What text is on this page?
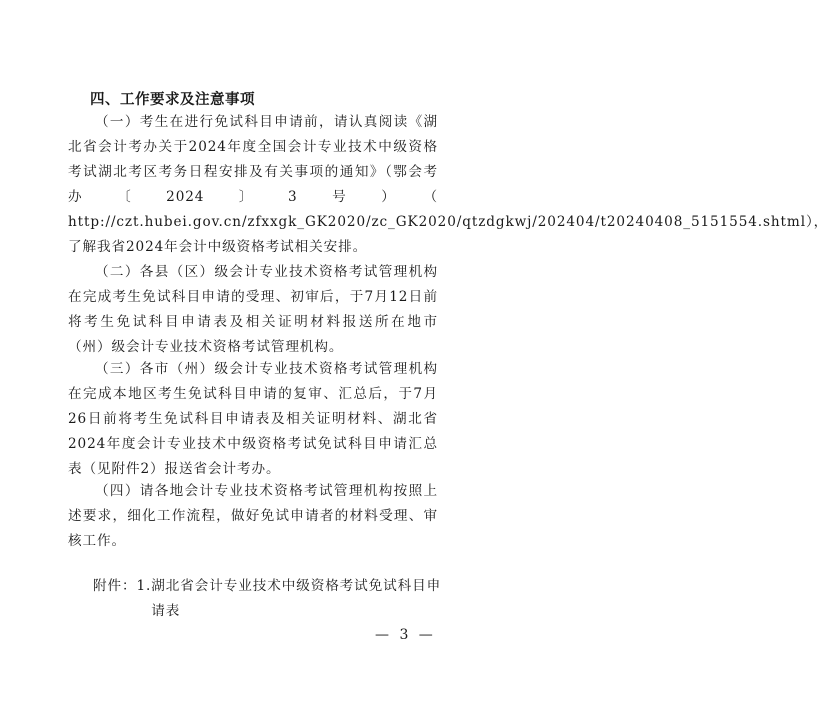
四、工作要求及注意事项

（一）考生在进行免试科目申请前，请认真阅读《湖北省会计考办关于2024年度全国会计专业技术中级资格考试湖北考区考务日程安排及有关事项的通知》（鄂会考办〔2024〕3号）（ http://czt.hubei.gov.cn/zfxxgk_GK2020/zc_GK2020/qtzdgkwj/202404/t20240408_5151554.shtml），了解我省2024年会计中级资格考试相关安排。

（二）各县（区）级会计专业技术资格考试管理机构在完成考生免试科目申请的受理、初审后，于7月12日前将考生免试科目申请表及相关证明材料报送所在地市（州）级会计专业技术资格考试管理机构。

（三）各市（州）级会计专业技术资格考试管理机构在完成本地区考生免试科目申请的复审、汇总后，于7月26日前将考生免试科目申请表及相关证明材料、湖北省2024年度会计专业技术中级资格考试免试科目申请汇总表（见附件2）报送省会计考办。

（四）请各地会计专业技术资格考试管理机构按照上述要求，细化工作流程，做好免试申请者的材料受理、审核工作。

附件：1. 湖北省会计专业技术中级资格考试免试科目申请表
— 3 —
